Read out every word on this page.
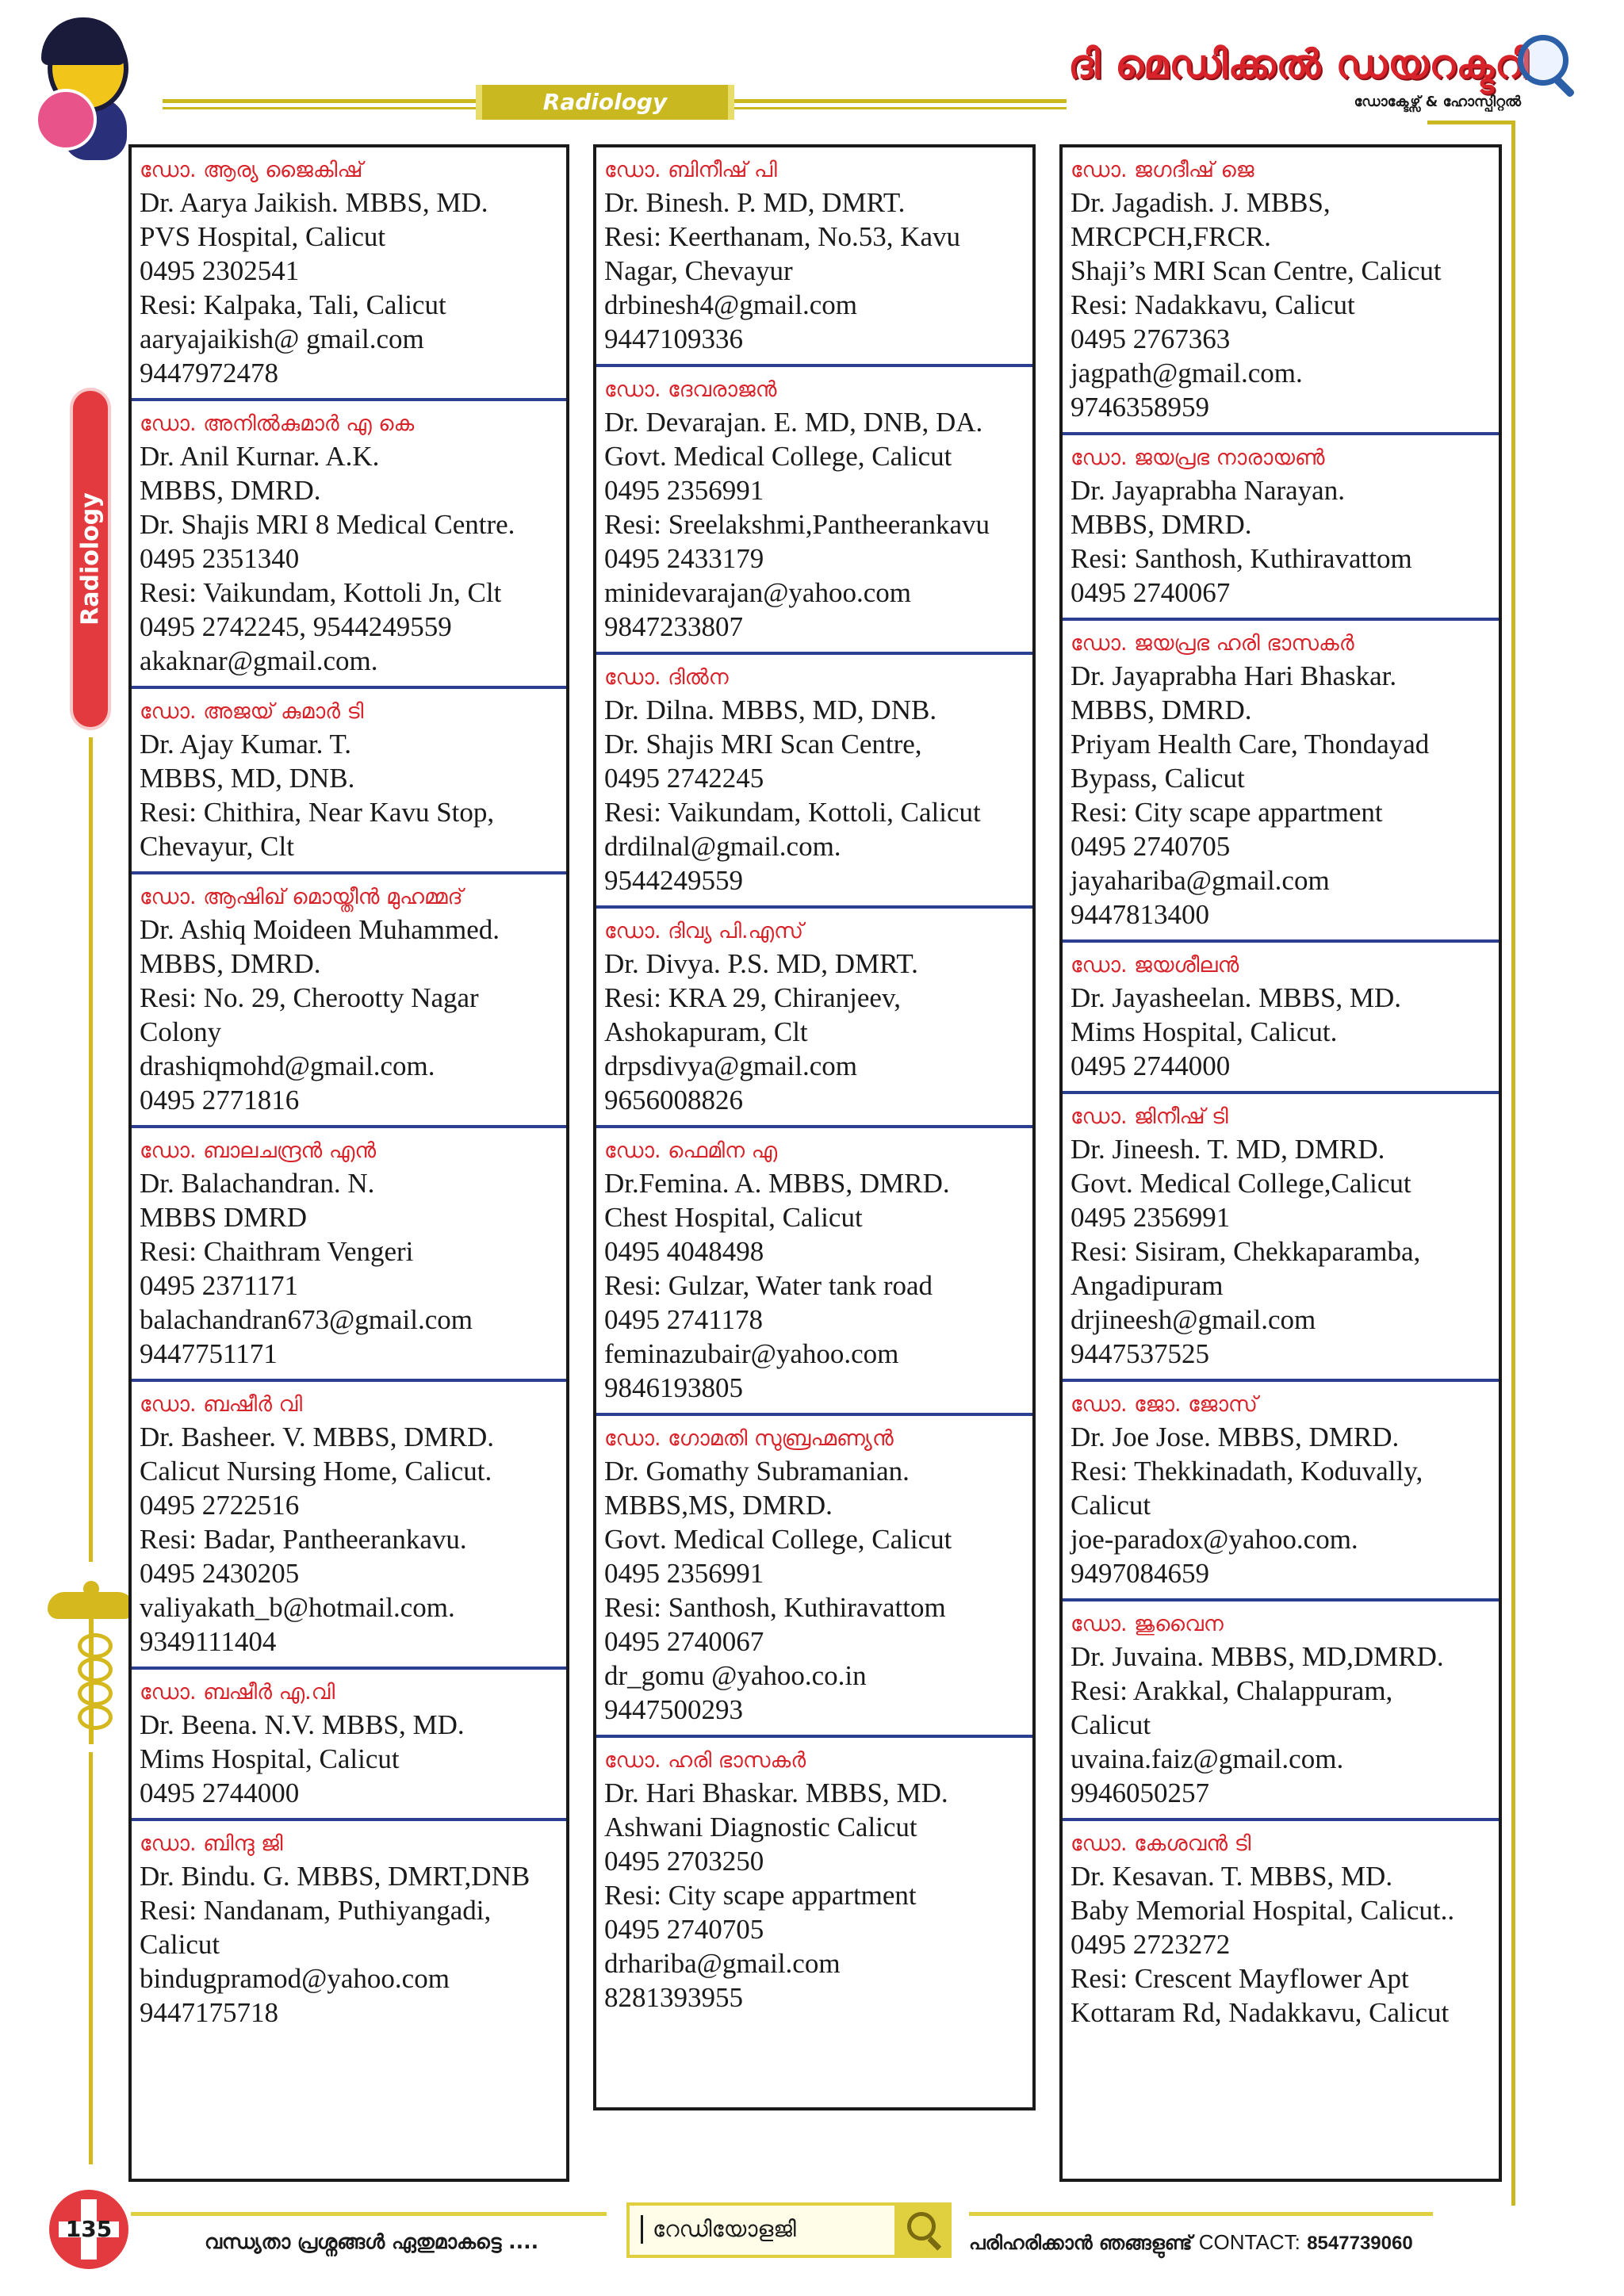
Radiology
ദി മെഡിക്കൽ ഡയറക്ടറി
ഡോക്ടേഴ്സ് & ഹോസ്പിറ്റൽ
Radiology
ഡോ. ആര്യ ജൈകിഷ്
Dr. Aarya Jaikish. MBBS, MD.
PVS Hospital, Calicut
0495 2302541
Resi: Kalpaka, Tali, Calicut
aaryajaikish@ gmail.com
9447972478
ഡോ. അനിൽകുമാർ എ കെ
Dr. Anil Kurnar. A.K.
MBBS, DMRD.
Dr. Shajis MRI 8 Medical Centre.
0495 2351340
Resi: Vaikundam, Kottoli Jn, Clt
0495 2742245, 9544249559
akaknar@gmail.com.
ഡോ. അജയ് കുമാർ ടി
Dr. Ajay Kumar. T.
MBBS, MD, DNB.
Resi: Chithira, Near Kavu Stop,
Chevayur, Clt
ഡോ. ആഷിഖ് മൊയ്തീൻ മുഹമ്മദ്
Dr. Ashiq Moideen Muhammed.
MBBS, DMRD.
Resi: No. 29, Cherootty Nagar
Colony
drashiqmohd@gmail.com.
0495 2771816
ഡോ. ബാലചന്ദ്രൻ എൻ
Dr. Balachandran. N.
MBBS DMRD
Resi: Chaithram Vengeri
0495 2371171
balachandran673@gmail.com
9447751171
ഡോ. ബഷീർ വി
Dr. Basheer. V. MBBS, DMRD.
Calicut Nursing Home, Calicut.
0495 2722516
Resi: Badar, Pantheerankavu.
0495 2430205
valiyakath_b@hotmail.com.
9349111404
ഡോ. ബഷീർ എ.വി
Dr. Beena. N.V. MBBS, MD.
Mims Hospital, Calicut
0495 2744000
ഡോ. ബിന്ദു ജി
Dr. Bindu. G. MBBS, DMRT,DNB
Resi: Nandanam, Puthiyangadi,
Calicut
bindugpramod@yahoo.com
9447175718
ഡോ. ബിനീഷ് പി
Dr. Binesh. P. MD, DMRT.
Resi: Keerthanam, No.53, Kavu
Nagar, Chevayur
drbinesh4@gmail.com
9447109336
ഡോ. ദേവരാജൻ
Dr. Devarajan. E. MD, DNB, DA.
Govt. Medical College, Calicut
0495 2356991
Resi: Sreelakshmi,Pantheerankavu
0495 2433179
minidevarajan@yahoo.com
9847233807
ഡോ. ദിൽന
Dr. Dilna. MBBS, MD, DNB.
Dr. Shajis MRI Scan Centre,
0495 2742245
Resi: Vaikundam, Kottoli, Calicut
drdilnal@gmail.com.
9544249559
ഡോ. ദിവ്യ പി.എസ്
Dr. Divya. P.S. MD, DMRT.
Resi: KRA 29, Chiranjeev,
Ashokapuram, Clt
drpsdivya@gmail.com
9656008826
ഡോ. ഫെമിന എ
Dr.Femina. A. MBBS, DMRD.
Chest Hospital, Calicut
0495 4048498
Resi: Gulzar, Water tank road
0495 2741178
feminazubair@yahoo.com
9846193805
ഡോ. ഗോമതി സുബ്രഹ്മണ്യൻ
Dr. Gomathy Subramanian.
MBBS,MS, DMRD.
Govt. Medical College, Calicut
0495 2356991
Resi: Santhosh, Kuthiravattom
0495 2740067
dr_gomu @yahoo.co.in
9447500293
ഡോ. ഹരി ഭാസകർ
Dr. Hari Bhaskar. MBBS, MD.
Ashwani Diagnostic Calicut
0495 2703250
Resi: City scape appartment
0495 2740705
drhariba@gmail.com
8281393955
ഡോ. ജഗദീഷ് ജെ
Dr. Jagadish. J. MBBS,
MRCPCH,FRCR.
Shaji’s MRI Scan Centre, Calicut
Resi: Nadakkavu, Calicut
0495 2767363
jagpath@gmail.com.
9746358959
ഡോ. ജയപ്രഭ നാരായൺ
Dr. Jayaprabha Narayan.
MBBS, DMRD.
Resi: Santhosh, Kuthiravattom
0495 2740067
ഡോ. ജയപ്രഭ ഹരി ഭാസകർ
Dr. Jayaprabha Hari Bhaskar.
MBBS, DMRD.
Priyam Health Care, Thondayad
Bypass, Calicut
Resi: City scape appartment
0495 2740705
jayahariba@gmail.com
9447813400
ഡോ. ജയശീലൻ
Dr. Jayasheelan. MBBS, MD.
Mims Hospital, Calicut.
0495 2744000
ഡോ. ജിനീഷ് ടി
Dr. Jineesh. T. MD, DMRD.
Govt. Medical College,Calicut
0495 2356991
Resi: Sisiram, Chekkaparamba,
Angadipuram
drjineesh@gmail.com
9447537525
ഡോ. ജോ. ജോസ്
Dr. Joe Jose. MBBS, DMRD.
Resi: Thekkinadath, Koduvally,
Calicut
joe-paradox@yahoo.com.
9497084659
ഡോ. ജുവൈന
Dr. Juvaina. MBBS, MD,DMRD.
Resi: Arakkal, Chalappuram,
Calicut
uvaina.faiz@gmail.com.
9946050257
ഡോ. കേശവൻ ടി
Dr. Kesavan. T. MBBS, MD.
Baby Memorial Hospital, Calicut..
0495 2723272
Resi: Crescent Mayflower Apt
Kottaram Rd, Nadakkavu, Calicut
135	വന്ധ്യതാ പ്രശ്നങ്ങൾ ഏതുമാകട്ടെ ....	റേഡിയോളജി
പരിഹരിക്കാൻ ഞങ്ങളുണ്ട് CONTACT: 8547739060
